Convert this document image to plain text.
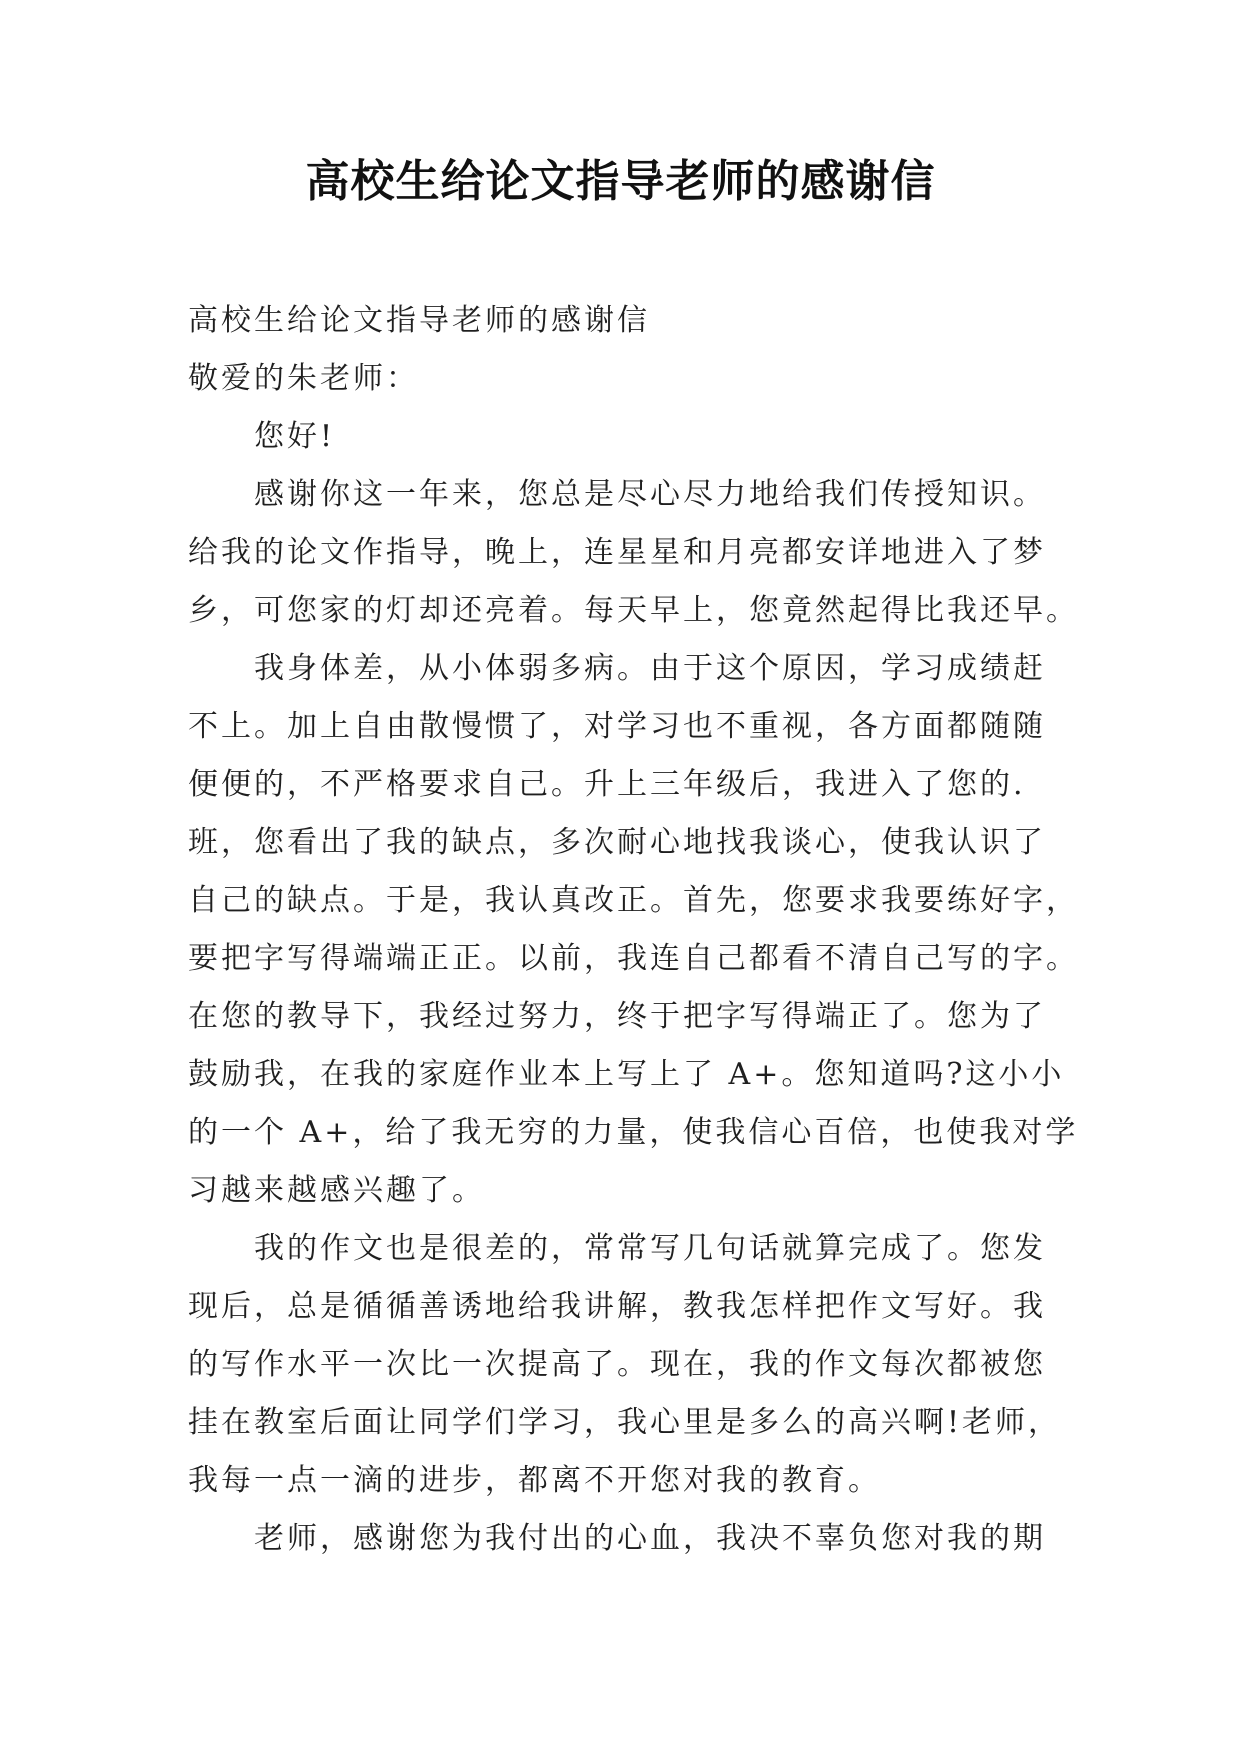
高校生给论文指导老师的感谢信
高校生给论文指导老师的感谢信
敬爱的朱老师：
您好!
感谢你这一年来，您总是尽心尽力地给我们传授知识。
给我的论文作指导，晚上，连星星和月亮都安详地进入了梦
乡，可您家的灯却还亮着。每天早上，您竟然起得比我还早。
我身体差，从小体弱多病。由于这个原因，学习成绩赶
不上。加上自由散慢惯了，对学习也不重视，各方面都随随
便便的，不严格要求自己。升上三年级后，我进入了您的.
班，您看出了我的缺点，多次耐心地找我谈心，使我认识了
自己的缺点。于是，我认真改正。首先，您要求我要练好字，
要把字写得端端正正。以前，我连自己都看不清自己写的字。
在您的教导下，我经过努力，终于把字写得端正了。您为了
鼓励我，在我的家庭作业本上写上了 A+。您知道吗?这小小
的一个 A+，给了我无穷的力量，使我信心百倍，也使我对学
习越来越感兴趣了。
我的作文也是很差的，常常写几句话就算完成了。您发
现后，总是循循善诱地给我讲解，教我怎样把作文写好。我
的写作水平一次比一次提高了。现在，我的作文每次都被您
挂在教室后面让同学们学习，我心里是多么的高兴啊!老师，
我每一点一滴的进步，都离不开您对我的教育。
老师，感谢您为我付出的心血，我决不辜负您对我的期
